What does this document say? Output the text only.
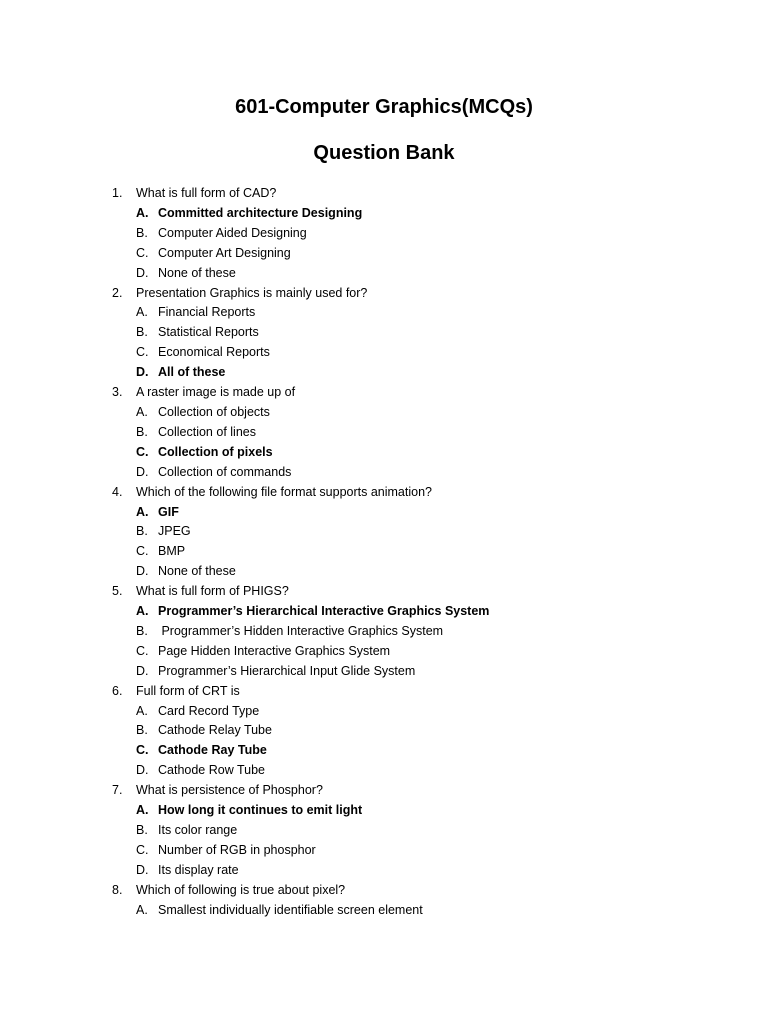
601-Computer Graphics(MCQs)
Question Bank
1.	What is full form of CAD?
A. Committed architecture Designing
B. Computer Aided Designing
C. Computer Art Designing
D. None of these
2.	Presentation Graphics is mainly used for?
A. Financial Reports
B. Statistical Reports
C. Economical Reports
D. All of these
3.	A raster image is made up of
A. Collection of objects
B. Collection of lines
C. Collection of pixels
D. Collection of commands
4.	Which of the following file format supports animation?
A. GIF
B. JPEG
C. BMP
D. None of these
5.	What is full form of PHIGS?
A. Programmer’s Hierarchical Interactive Graphics System
B. Programmer’s Hidden Interactive Graphics System
C. Page Hidden Interactive Graphics System
D. Programmer’s Hierarchical Input Glide System
6.	Full form of CRT is
A. Card Record Type
B. Cathode Relay Tube
C. Cathode Ray Tube
D. Cathode Row Tube
7.	What is persistence of Phosphor?
A. How long it continues to emit light
B. Its color range
C. Number of RGB in phosphor
D. Its display rate
8.	Which of following is true about pixel?
A. Smallest individually identifiable screen element
